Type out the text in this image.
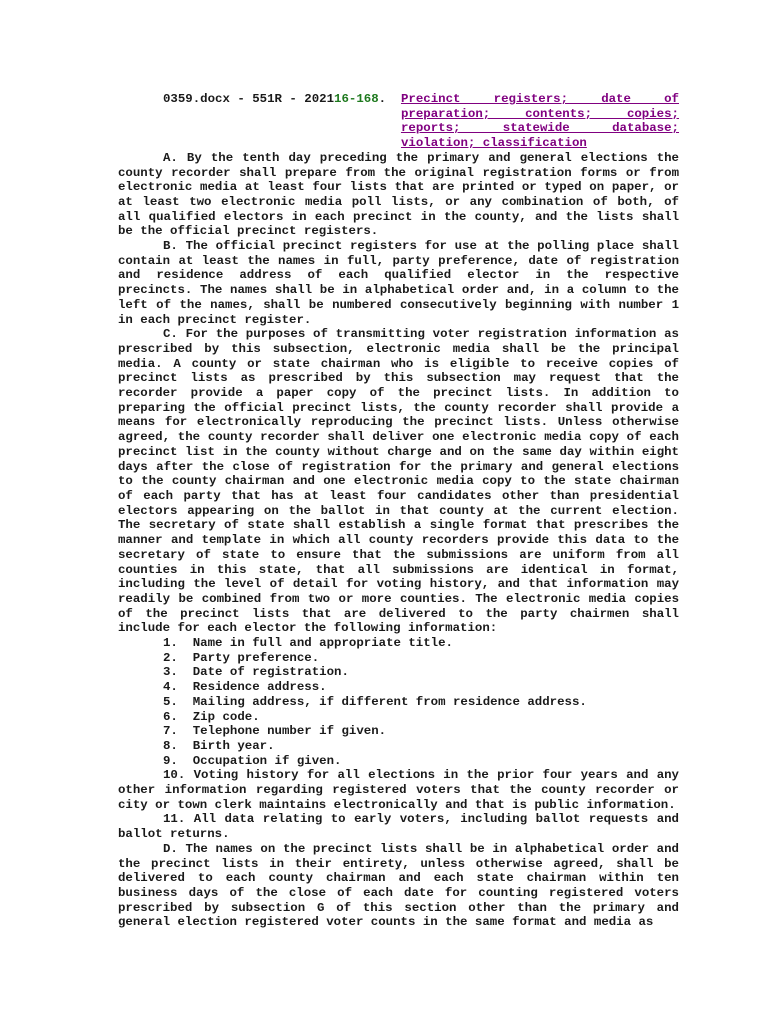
0359.docx - 551R - 202116-168.	Precinct registers; date of preparation; contents; copies; reports; statewide database; violation; classification

A. By the tenth day preceding the primary and general elections the county recorder shall prepare from the original registration forms or from electronic media at least four lists that are printed or typed on paper, or at least two electronic media poll lists, or any combination of both, of all qualified electors in each precinct in the county, and the lists shall be the official precinct registers.

B. The official precinct registers for use at the polling place shall contain at least the names in full, party preference, date of registration and residence address of each qualified elector in the respective precincts. The names shall be in alphabetical order and, in a column to the left of the names, shall be numbered consecutively beginning with number 1 in each precinct register.

C. For the purposes of transmitting voter registration information as prescribed by this subsection, electronic media shall be the principal media. A county or state chairman who is eligible to receive copies of precinct lists as prescribed by this subsection may request that the recorder provide a paper copy of the precinct lists. In addition to preparing the official precinct lists, the county recorder shall provide a means for electronically reproducing the precinct lists. Unless otherwise agreed, the county recorder shall deliver one electronic media copy of each precinct list in the county without charge and on the same day within eight days after the close of registration for the primary and general elections to the county chairman and one electronic media copy to the state chairman of each party that has at least four candidates other than presidential electors appearing on the ballot in that county at the current election. The secretary of state shall establish a single format that prescribes the manner and template in which all county recorders provide this data to the secretary of state to ensure that the submissions are uniform from all counties in this state, that all submissions are identical in format, including the level of detail for voting history, and that information may readily be combined from two or more counties. The electronic media copies of the precinct lists that are delivered to the party chairmen shall include for each elector the following information:

1.  Name in full and appropriate title.
2.  Party preference.
3.  Date of registration.
4.  Residence address.
5.  Mailing address, if different from residence address.
6.  Zip code.
7.  Telephone number if given.
8.  Birth year.
9.  Occupation if given.

10. Voting history for all elections in the prior four years and any other information regarding registered voters that the county recorder or city or town clerk maintains electronically and that is public information.

11. All data relating to early voters, including ballot requests and ballot returns.

D. The names on the precinct lists shall be in alphabetical order and the precinct lists in their entirety, unless otherwise agreed, shall be delivered to each county chairman and each state chairman within ten business days of the close of each date for counting registered voters prescribed by subsection G of this section other than the primary and general election registered voter counts in the same format and media as
